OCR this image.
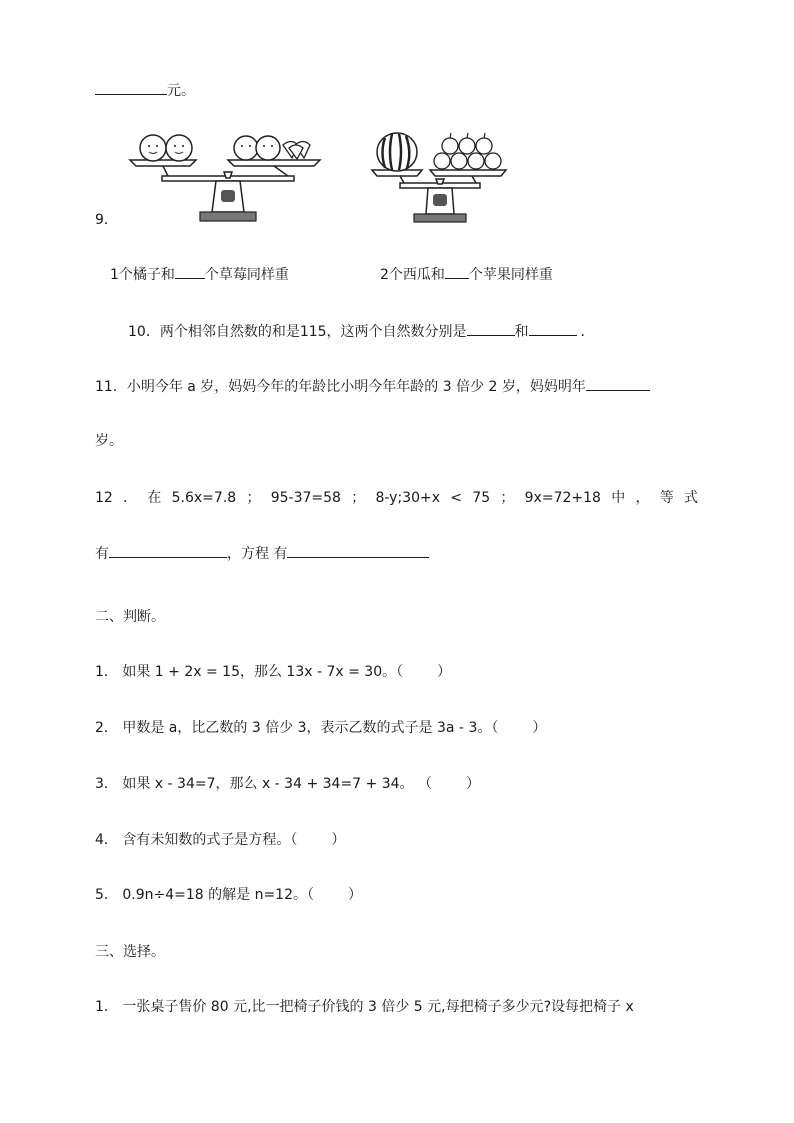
元。
9．
1个橘子和 个草莓同样重	2个西瓜和 个苹果同样重
10．两个相邻自然数的和是115，这两个自然数分别是	和	．
11．小明今年 a 岁，妈妈今年的年龄比小明今年年龄的 3 倍少 2 岁，妈妈明年
岁。
12 ． 在 5.6x=7.8 ； 95-37=58 ； 8-y;30+x < 75 ； 9x=72+18 中 ， 等 式
有	，方程 有
二、判断。
1． 如果 1 + 2x = 15，那么 13x - 7x = 30。（ ）
2． 甲数是 a，比乙数的 3 倍少 3，表示乙数的式子是 3a - 3。（ ）
3． 如果 x - 34=7，那么 x - 34 + 34=7 + 34。 （ ）
4． 含有未知数的式子是方程。（ ）
5． 0.9n÷4=18 的解是 n=12。（ ）
三、选择。
1． 一张桌子售价 80 元,比一把椅子价钱的 3 倍少 5 元,每把椅子多少元?设每把椅子 x
